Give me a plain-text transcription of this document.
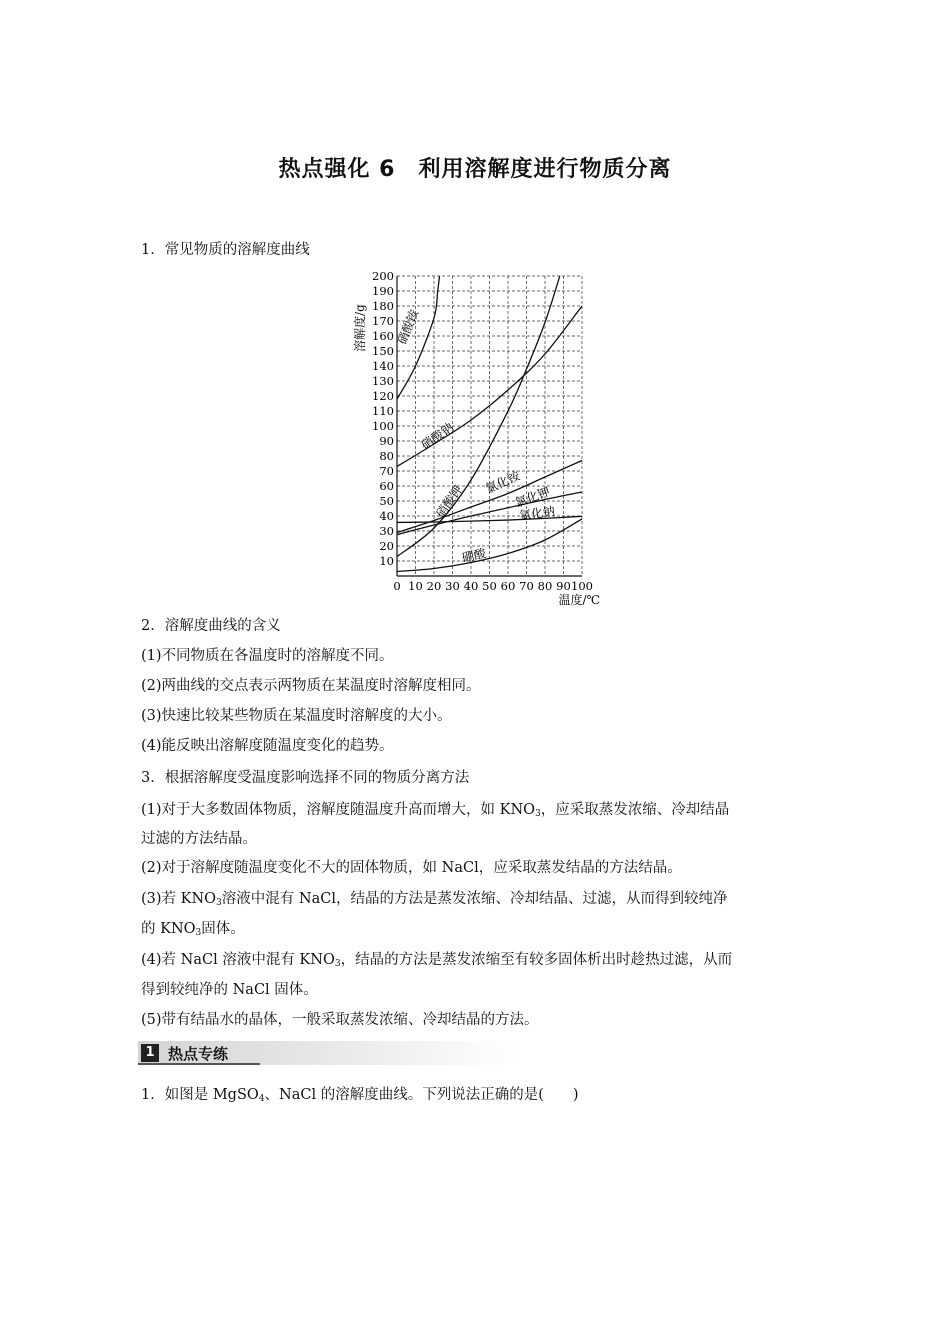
热点强化 6　利用溶解度进行物质分离
1．常见物质的溶解度曲线
10
20
30
40
50
60
70
80
90
100
110
120
130
140
150
160
170
180
190
200
0 10 20 30 40 50 60 70 80 90 100
溶解度/g
温度/℃
硝酸铵
硝酸钠
硝酸钾
氯化铵
氯化钾
氯化钠
硼酸
2．溶解度曲线的含义
(1)不同物质在各温度时的溶解度不同。
(2)两曲线的交点表示两物质在某温度时溶解度相同。
(3)快速比较某些物质在某温度时溶解度的大小。
(4)能反映出溶解度随温度变化的趋势。
3．根据溶解度受温度影响选择不同的物质分离方法
(1)对于大多数固体物质，溶解度随温度升高而增大，如 $KNO_3$，应采取蒸发浓缩、冷却结晶
过滤的方法结晶。
(2)对于溶解度随温度变化不大的固体物质，如 NaCl，应采取蒸发结晶的方法结晶。
(3)若 $KNO_3$溶液中混有 NaCl，结晶的方法是蒸发浓缩、冷却结晶、过滤，从而得到较纯净
的 $KNO_3$固体。
(4)若 NaCl 溶液中混有 $KNO_3$，结晶的方法是蒸发浓缩至有较多固体析出时趁热过滤，从而
得到较纯净的 NaCl 固体。
(5)带有结晶水的晶体，一般采取蒸发浓缩、冷却结晶的方法。
1 热点专练
1．如图是 MgSO$_4$、NaCl 的溶解度曲线。下列说法正确的是(　　)
